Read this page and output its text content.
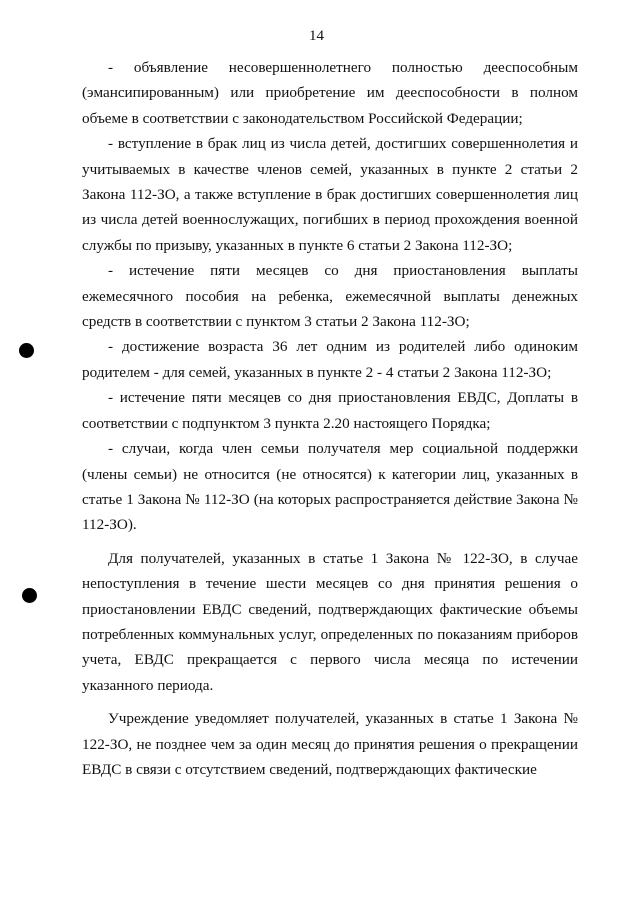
14

- объявление несовершеннолетнего полностью дееспособным (эмансипированным) или приобретение им дееспособности в полном объеме в соответствии с законодательством Российской Федерации;

- вступление в брак лиц из числа детей, достигших совершеннолетия и учитываемых в качестве членов семей, указанных в пункте 2 статьи 2 Закона 112-ЗО, а также вступление в брак достигших совершеннолетия лиц из числа детей военнослужащих, погибших в период прохождения военной службы по призыву, указанных в пункте 6 статьи 2 Закона 112-ЗО;

- истечение пяти месяцев со дня приостановления выплаты ежемесячного пособия на ребенка, ежемесячной выплаты денежных средств в соответствии с пунктом 3 статьи 2 Закона 112-ЗО;

- достижение возраста 36 лет одним из родителей либо одиноким родителем - для семей, указанных в пункте 2 - 4 статьи 2 Закона 112-ЗО;

- истечение пяти месяцев со дня приостановления ЕВДС, Доплаты в соответствии с подпунктом 3 пункта 2.20 настоящего Порядка;

- случаи, когда член семьи получателя мер социальной поддержки (члены семьи) не относится (не относятся) к категории лиц, указанных в статье 1 Закона № 112-ЗО (на которых распространяется действие Закона № 112-ЗО).

Для получателей, указанных в статье 1 Закона № 122-ЗО, в случае непоступления в течение шести месяцев со дня принятия решения о приостановлении ЕВДС сведений, подтверждающих фактические объемы потребленных коммунальных услуг, определенных по показаниям приборов учета, ЕВДС прекращается с первого числа месяца по истечении указанного периода.

Учреждение уведомляет получателей, указанных в статье 1 Закона № 122-ЗО, не позднее чем за один месяц до принятия решения о прекращении ЕВДС в связи с отсутствием сведений, подтверждающих фактические
